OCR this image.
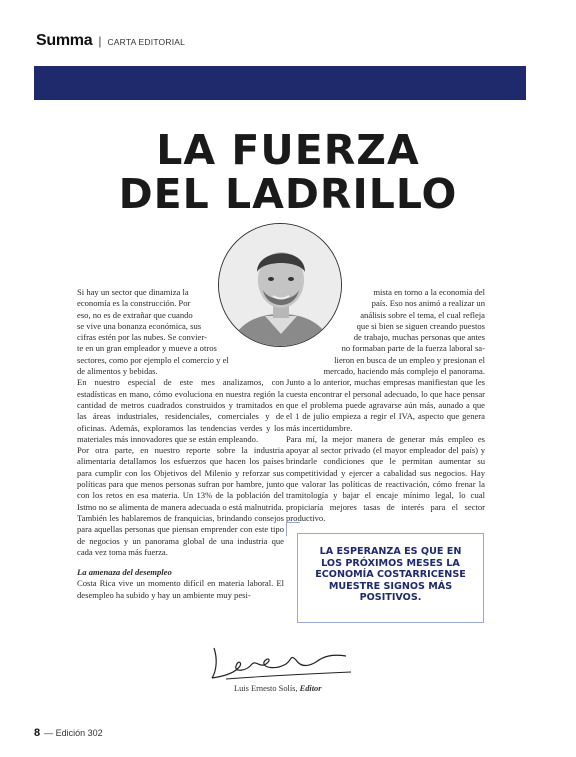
Summa | CARTA EDITORIAL
LA FUERZA
DEL LADRILLO

Si hay un sector que dinamiza la
economía es la construcción. Por
eso, no es de extrañar que cuando
se vive una bonanza económica, sus
cifras estén por las nubes. Se convier-
te en un gran empleador y mueve a otros
sectores, como por ejemplo el comercio y el
de alimentos y bebidas.

En nuestro especial de este mes analizamos, con estadísticas en mano, cómo evoluciona en nuestra región la cantidad de metros cuadrados construidos y tramitados en las áreas industriales, residenciales, comerciales y de oficinas. Además, exploramos las tendencias verdes y los materiales más innovadores que se están empleando.

Por otra parte, en nuestro reporte sobre la industria alimentaria detallamos los esfuerzos que hacen los países para cumplir con los Objetivos del Milenio y reforzar sus políticas para que menos personas sufran por hambre, junto con los retos en esa materia. Un 13% de la población del Istmo no se alimenta de manera adecuada o está malnutrida.

También les hablaremos de franquicias, brindando consejos para aquellas personas que piensan emprender con este tipo de negocios y un panorama global de una industria que cada vez toma más fuerza.

La amenaza del desempleo

Costa Rica vive un momento difícil en materia laboral. El desempleo ha subido y hay un ambiente muy pesi-

mista en torno a la economía del
país. Eso nos animó a realizar un
análisis sobre el tema, el cual refleja
que si bien se siguen creando puestos
de trabajo, muchas personas que antes
no formaban parte de la fuerza laboral sa-
lieron en busca de un empleo y presionan el
mercado, haciendo más complejo el panorama.

Junto a lo anterior, muchas empresas manifiestan que les cuesta encontrar el personal adecuado, lo que hace pensar que el problema puede agravarse aún más, aunado a que el 1 de julio empieza a regir el IVA, aspecto que genera más incertidumbre.

Para mí, la mejor manera de generar más empleo es apoyar al sector privado (el mayor empleador del país) y brindarle condiciones que le permitan aumentar su competitividad y ejercer a cabalidad sus negocios. Hay que valorar las políticas de reactivación, cómo frenar la tramitología y bajar el encaje mínimo legal, lo cual propiciaría mejores tasas de interés para el sector productivo.

LA ESPERANZA ES QUE EN LOS PRÓXIMOS MESES LA ECONOMÍA COSTARRICENSE MUESTRE SIGNOS MÁS POSITIVOS.
Luis Ernesto Solís, Editor
8 — Edición 302
